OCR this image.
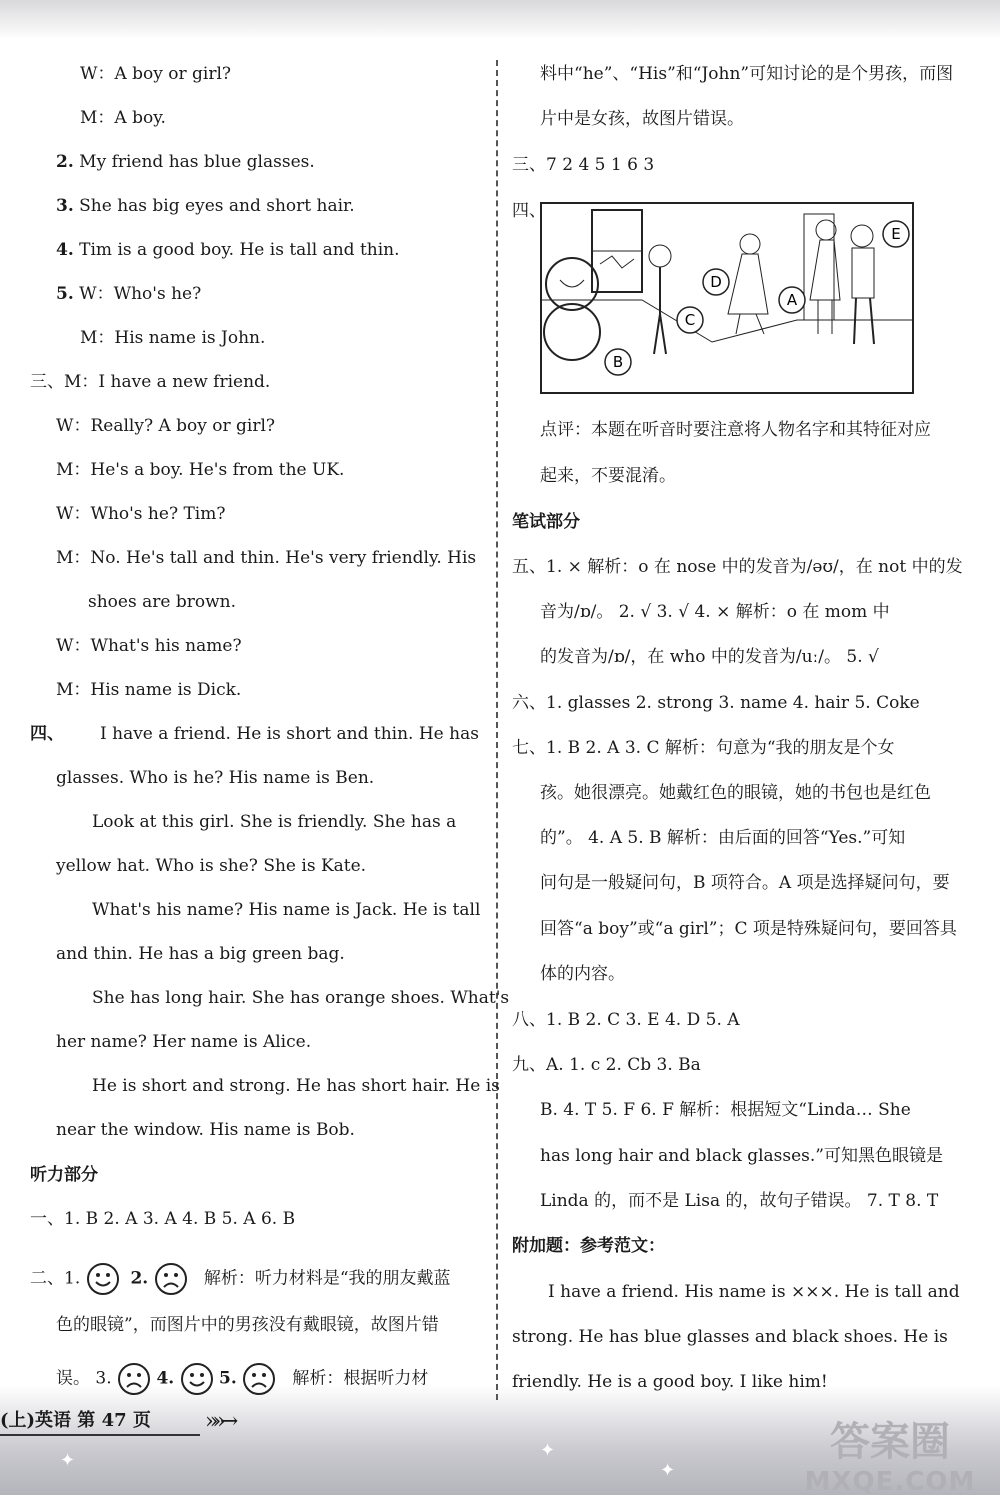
W：A boy or girl?
M：A boy.
2. My friend has blue glasses.
3. She has big eyes and short hair.
4. Tim is a good boy. He is tall and thin.
5. W：Who's he?
M：His name is John.
三、M：I have a new friend.
W：Really? A boy or girl?
M：He's a boy. He's from the UK.
W：Who's he? Tim?
M：No. He's tall and thin. He's very friendly. His
shoes are brown.
W：What's his name?
M：His name is Dick.
四、 I have a friend. He is short and thin. He has
glasses. Who is he? His name is Ben.
Look at this girl. She is friendly. She has a
yellow hat. Who is she? She is Kate.
What's his name? His name is Jack. He is tall
and thin. He has a big green bag.
She has long hair. She has orange shoes. What's
her name? Her name is Alice.
He is short and strong. He has short hair. He is
near the window. His name is Bob.
听力部分
一、1. B 2. A 3. A 4. B 5. A 6. B
二、1.	2.	解析：听力材料是“我的朋友戴蓝
色的眼镜”，而图片中的男孩没有戴眼镜，故图片错
误。 3.	4.	5.	解析：根据听力材
料中“he”、“His”和“John”可知讨论的是个男孩，而图
片中是女孩，故图片错误。
三、7 2 4 5 1 6 3
四、
A
B
C
D
E
点评：本题在听音时要注意将人物名字和其特征对应
起来，不要混淆。
笔试部分
五、1. × 解析：o 在 nose 中的发音为/əʊ/，在 not 中的发
音为/ɒ/。 2. √ 3. √ 4. × 解析：o 在 mom 中
的发音为/ɒ/，在 who 中的发音为/uː/。 5. √
六、1. glasses 2. strong 3. name 4. hair 5. Coke
七、1. B 2. A 3. C 解析：句意为“我的朋友是个女
孩。她很漂亮。她戴红色的眼镜，她的书包也是红色
的”。 4. A 5. B 解析：由后面的回答“Yes.”可知
问句是一般疑问句，B 项符合。A 项是选择疑问句，要
回答“a boy”或“a girl”；C 项是特殊疑问句，要回答具
体的内容。
八、1. B 2. C 3. E 4. D 5. A
九、A. 1. c 2. Cb 3. Ba
B. 4. T 5. F 6. F 解析：根据短文“Linda… She
has long hair and black glasses.”可知黑色眼镜是
Linda 的，而不是 Lisa 的，故句子错误。 7. T 8. T
附加题：参考范文：
I have a friend. His name is ×××. He is tall and
strong. He has blue glasses and black shoes. He is
friendly. He is a good boy. I like him!
(上)英语 第 47 页 »»→
✦
✦
✦	答案圈
MXQE.COM
